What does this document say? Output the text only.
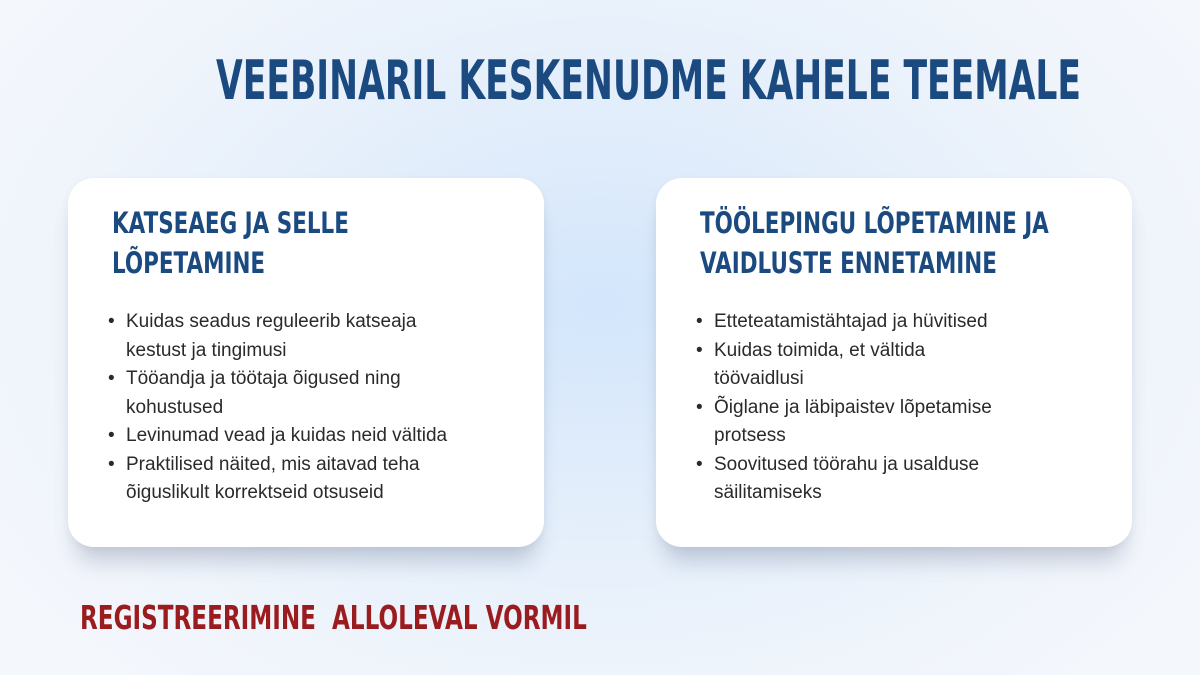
VEEBINARIL KESKENUDME KAHELE TEEMALE
KATSEAEG JA SELLE
LÕPETAMINE
• Kuidas seadus reguleerib katseaja
kestust ja tingimusi
• Tööandja ja töötaja õigused ning
kohustused
• Levinumad vead ja kuidas neid vältida
• Praktilised näited, mis aitavad teha
õiguslikult korrektseid otsuseid
TÖÖLEPINGU LÕPETAMINE JA
VAIDLUSTE ENNETAMINE
• Etteteatamistähtajad ja hüvitised
• Kuidas toimida, et vältida
töövaidlusi
• Õiglane ja läbipaistev lõpetamise
protsess
• Soovitused töörahu ja usalduse
säilitamiseks

REGISTREERIMINE  ALLOLEVAL VORMIL
